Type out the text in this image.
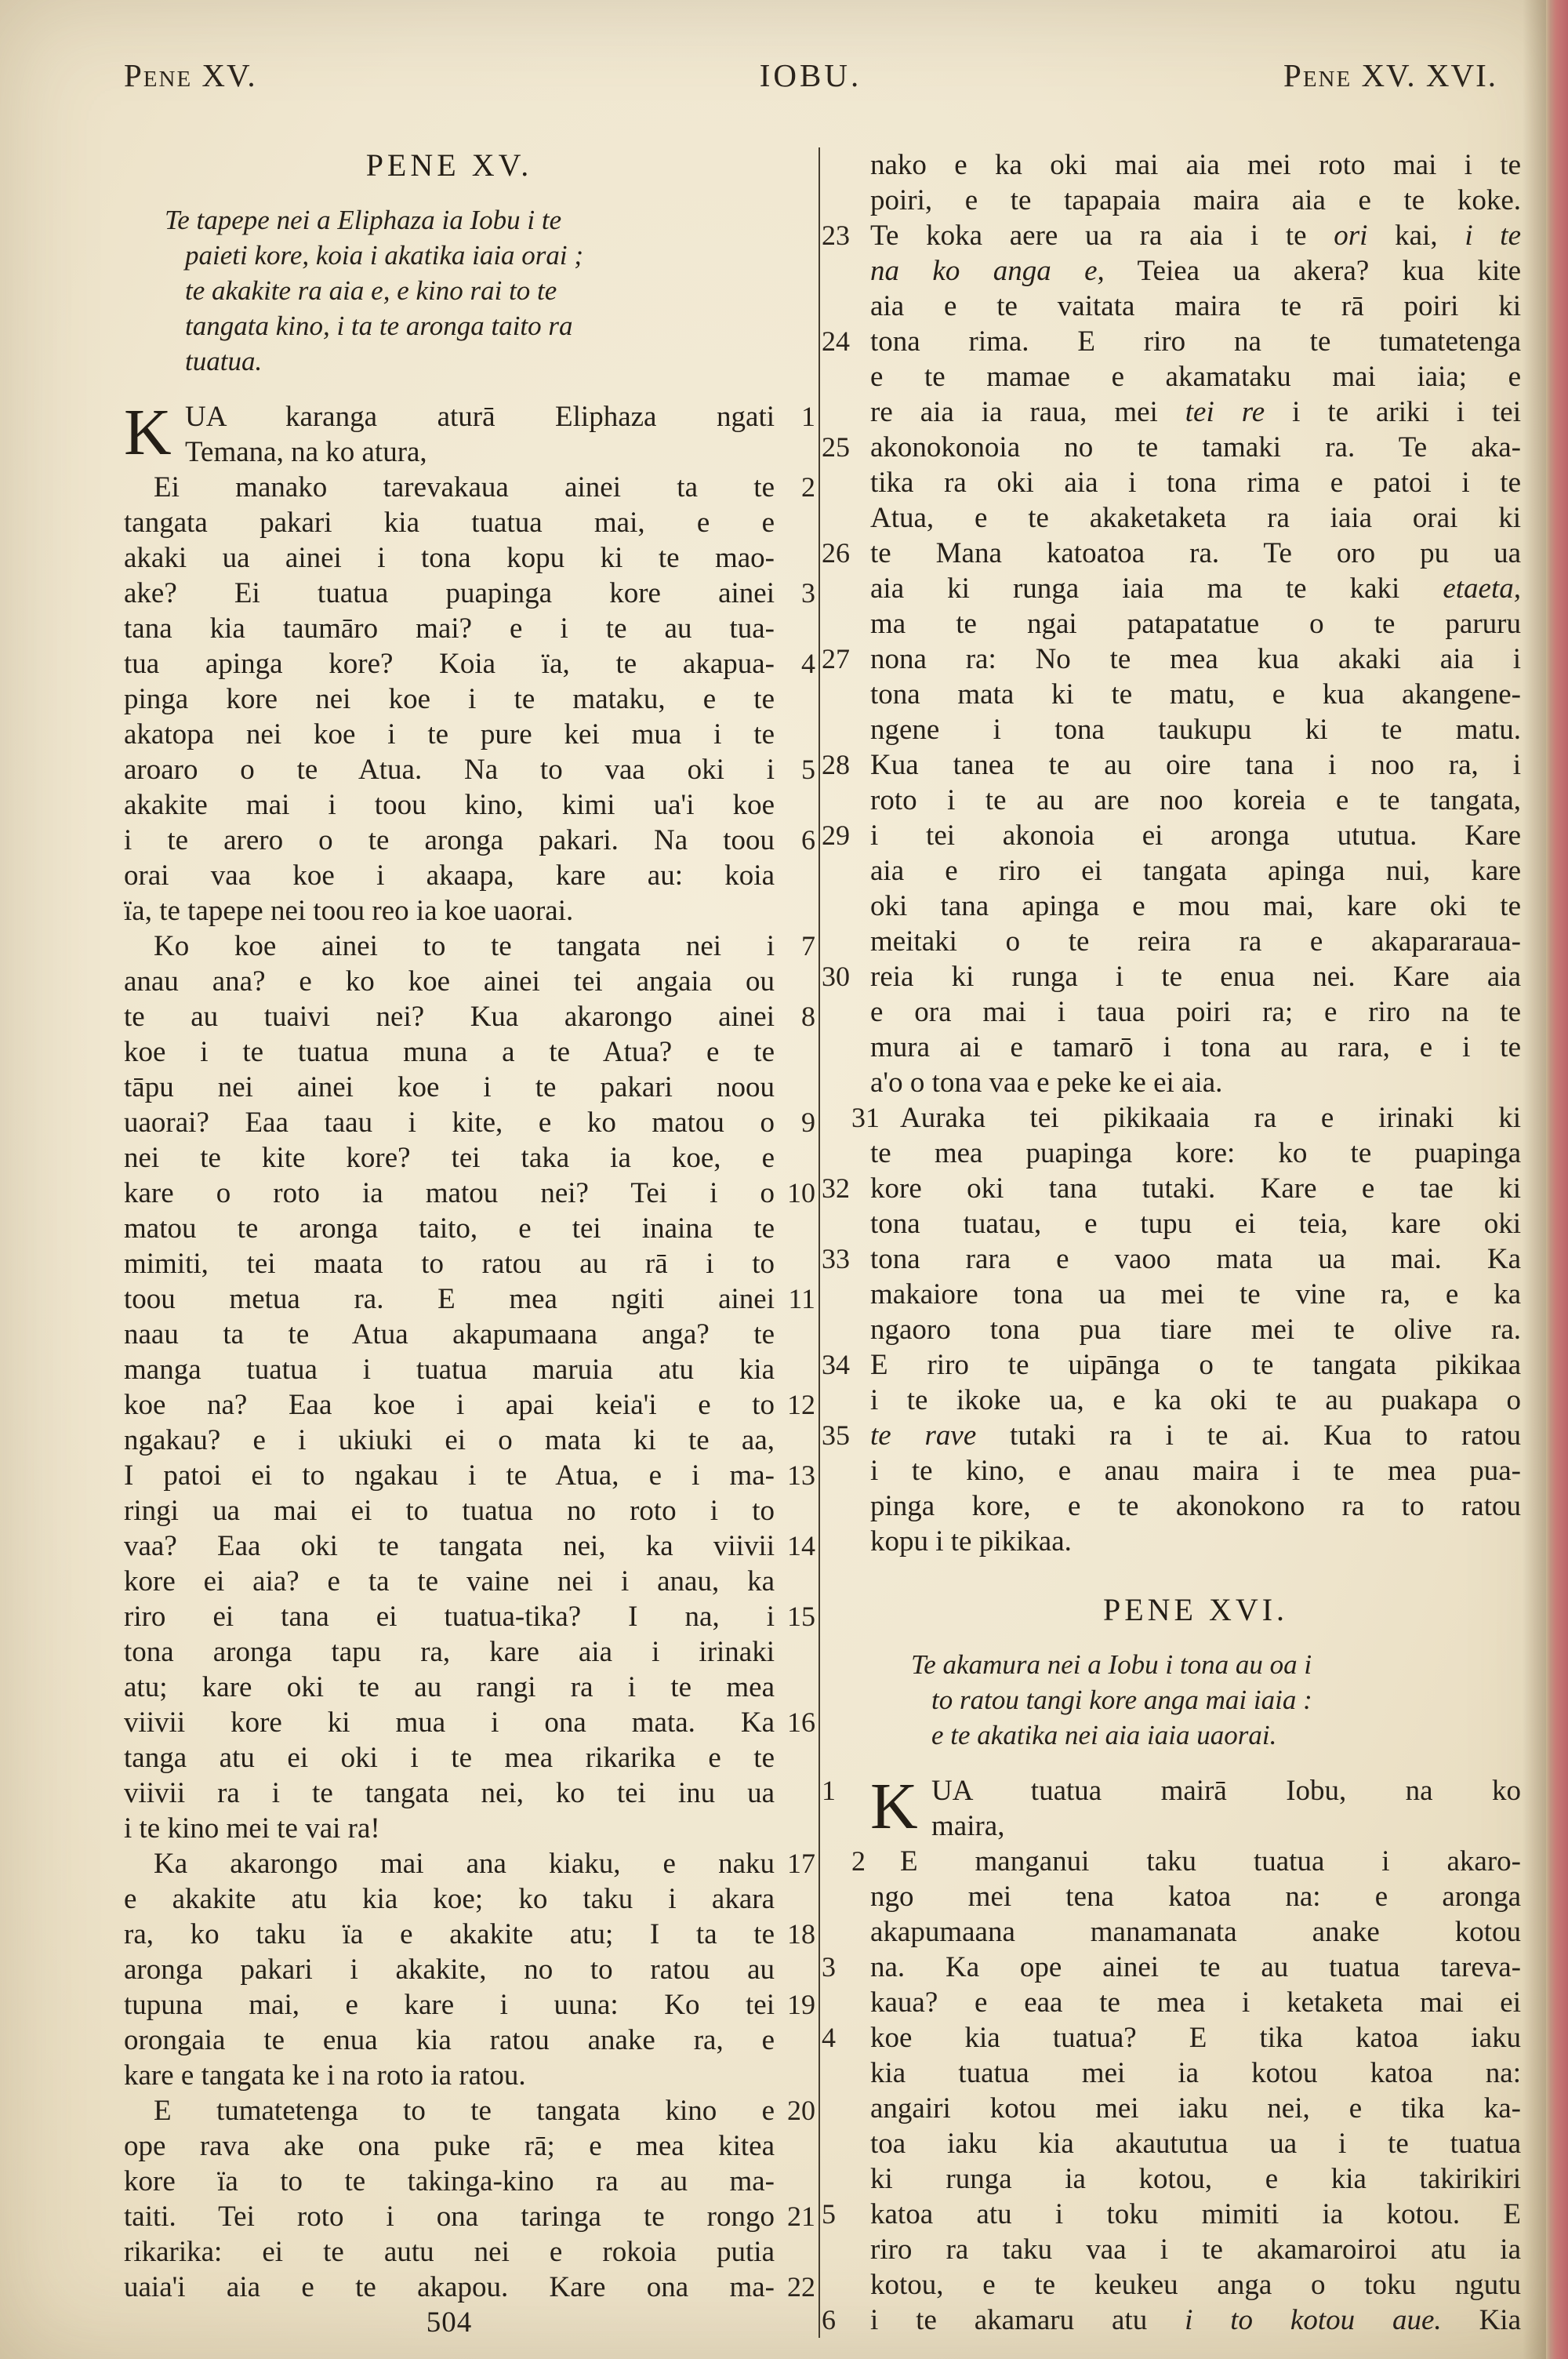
Pene XV.	IOBU.	Pene XV. XVI.
PENE XV.
Te tapepe nei a Eliphaza ia Iobu i te
paieti kore, koia i akatika iaia orai ;
te akakite ra aia e, e kino rai to te
tangata kino, i ta te aronga taito ra
tuatua.
K	1
UA karanga aturā Eliphaza ngati
Temana, na ko atura,
2
Ei manako tarevakaua ainei ta te
tangata pakari kia tuatua mai, e e
akaki ua ainei i tona kopu ki te mao-
3
ake? Ei tuatua puapinga kore ainei
tana kia taumāro mai? e i te au tua-
4
tua apinga kore? Koia ïa, te akapua-
pinga kore nei koe i te mataku, e te
akatopa nei koe i te pure kei mua i te
5
aroaro o te Atua. Na to vaa oki i
akakite mai i toou kino, kimi ua'i koe
6
i te arero o te aronga pakari. Na toou
orai vaa koe i akaapa, kare au: koia
ïa, te tapepe nei toou reo ia koe uaorai.
7
Ko koe ainei to te tangata nei i
anau ana? e ko koe ainei tei angaia ou
8
te au tuaivi nei? Kua akarongo ainei
koe i te tuatua muna a te Atua? e te
tāpu nei ainei koe i te pakari noou
9
uaorai? Eaa taau i kite, e ko matou o
nei te kite kore? tei taka ia koe, e
10
kare o roto ia matou nei? Tei i o
matou te aronga taito, e tei inaina te
mimiti, tei maata to ratou au rā i to
11
toou metua ra. E mea ngiti ainei
naau ta te Atua akapumaana anga? te
manga tuatua i tuatua maruia atu kia
12
koe na? Eaa koe i apai keia'i e to
ngakau? e i ukiuki ei o mata ki te aa,
13
I patoi ei to ngakau i te Atua, e i ma-
ringi ua mai ei to tuatua no roto i to
14
vaa? Eaa oki te tangata nei, ka viivii
kore ei aia? e ta te vaine nei i anau, ka
15
riro ei tana ei tuatua-tika? I na, i
tona aronga tapu ra, kare aia i irinaki
atu; kare oki te au rangi ra i te mea
16
viivii kore ki mua i ona mata. Ka
tanga atu ei oki i te mea rikarika e te
viivii ra i te tangata nei, ko tei inu ua
i te kino mei te vai ra!
17
Ka akarongo mai ana kiaku, e naku
e akakite atu kia koe; ko taku i akara
18
ra, ko taku ïa e akakite atu; I ta te
aronga pakari i akakite, no to ratou au
19
tupuna mai, e kare i uuna: Ko tei
orongaia te enua kia ratou anake ra, e
kare e tangata ke i na roto ia ratou.
20
E tumatetenga to te tangata kino e
ope rava ake ona puke rā; e mea kitea
kore ïa to te takinga-kino ra au ma-
21
taiti. Tei roto i ona taringa te rongo
rikarika: ei te autu nei e rokoia putia
22
uaia'i aia e te akapou. Kare ona ma-
nako e ka oki mai aia mei roto mai i te
poiri, e te tapapaia maira aia e te koke.
23 Te koka aere ua ra aia i te ori kai, i te
na ko anga e, Teiea ua akera? kua kite
aia e te vaitata maira te rā poiri ki
24 tona rima. E riro na te tumatetenga
e te mamae e akamataku mai iaia; e
re aia ia raua, mei tei re i te ariki i tei
25 akonokonoia no te tamaki ra. Te aka-
tika ra oki aia i tona rima e patoi i te
Atua, e te akaketaketa ra iaia orai ki
26 te Mana katoatoa ra. Te oro pu ua
aia ki runga iaia ma te kaki etaeta,
ma te ngai patapatatue o te paruru
27 nona ra: No te mea kua akaki aia i
tona mata ki te matu, e kua akangene-
ngene i tona taukupu ki te matu.
28 Kua tanea te au oire tana i noo ra, i
roto i te au are noo koreia e te tangata,
29 i tei akonoia ei aronga ututua. Kare
aia e riro ei tangata apinga nui, kare
oki tana apinga e mou mai, kare oki te
meitaki o te reira ra e akapararaua-
30 reia ki runga i te enua nei. Kare aia
e ora mai i taua poiri ra; e riro na te
mura ai e tamarō i tona au rara, e i te
a'o o tona vaa e peke ke ei aia.
31 Auraka tei pikikaaia ra e irinaki ki
te mea puapinga kore: ko te puapinga
32 kore oki tana tutaki. Kare e tae ki
tona tuatau, e tupu ei teia, kare oki
33 tona rara e vaoo mata ua mai. Ka
makaiore tona ua mei te vine ra, e ka
ngaoro tona pua tiare mei te olive ra.
34 E riro te uipānga o te tangata pikikaa
i te ikoke ua, e ka oki te au puakapa o
35 te rave tutaki ra i te ai. Kua to ratou
i te kino, e anau maira i te mea pua-
pinga kore, e te akonokono ra to ratou
kopu i te pikikaa.
PENE XVI.
Te akamura nei a Iobu i tona au oa i
to ratou tangi kore anga mai iaia :
e te akatika nei aia iaia uaorai.
K
1	UA tuatua mairā Iobu, na ko
maira,
2 E manganui taku tuatua i akaro-
ngo mei tena katoa na: e aronga
akapumaana manamanata anake kotou
3 na. Ka ope ainei te au tuatua tareva-
kaua? e eaa te mea i ketaketa mai ei
4 koe kia tuatua? E tika katoa iaku
kia tuatua mei ia kotou katoa na:
angairi kotou mei iaku nei, e tika ka-
toa iaku kia akaututua ua i te tuatua
ki runga ia kotou, e kia takirikiri
5 katoa atu i toku mimiti ia kotou. E
riro ra taku vaa i te akamaroiroi atu ia
kotou, e te keukeu anga o toku ngutu
6 i te akamaru atu i to kotou aue. Kia
504
